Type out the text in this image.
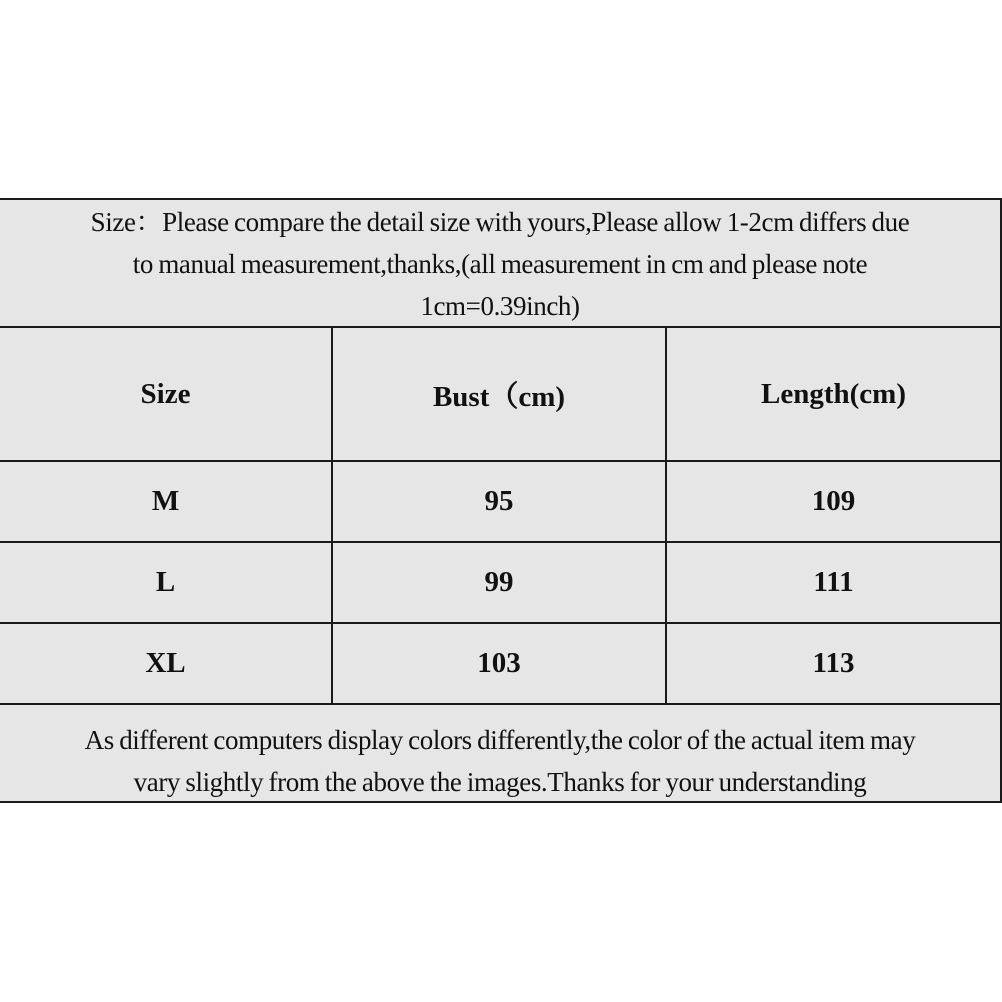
Size：Please compare the detail size with yours,Please allow 1-2cm differs due
to manual measurement,thanks,(all measurement in cm and please note
1cm=0.39inch)
Size	Bust（cm)	Length(cm)
M	95	109
L	99	111
XL	103	113
As different computers display colors differently,the color of the actual item may
vary slightly from the above the images.Thanks for your understanding
